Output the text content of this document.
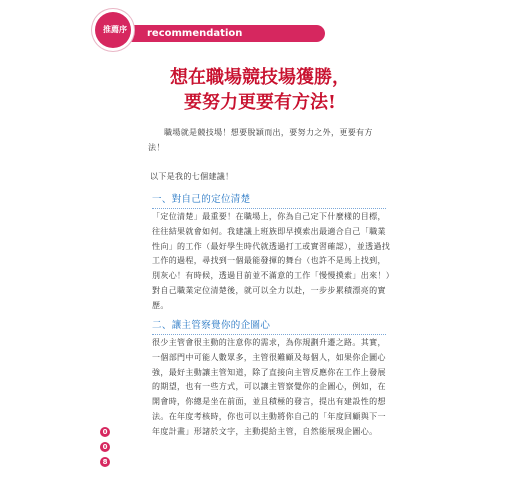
recommendation
推薦序
想在職場競技場獲勝，
要努力更要有方法!

職場就是競技場！想要脫穎而出，要努力之外，更要有方法！

以下是我的七個建議！

一、對自己的定位清楚

「定位清楚」最重要！在職場上，你為自己定下什麼樣的目標，往往結果就會如何。我建議上班族即早摸索出最適合自己「職業性向」的工作（最好學生時代就透過打工或實習確認），並透過找工作的過程，尋找到一個最能發揮的舞台（也許不是馬上找到，別灰心！有時候，透過目前並不滿意的工作「慢慢摸索」出來！）對自己職業定位清楚後，就可以全力以赴，一步步累積漂亮的實歷。

二、讓主管察覺你的企圖心

很少主管會很主動的注意你的需求，為你規劃升遷之路。其實，一個部門中可能人數眾多，主管很難顧及每個人，如果你企圖心強，最好主動讓主管知道，除了直接向主管反應你在工作上發展的期望，也有一些方式，可以讓主管察覺你的企圖心，例如，在開會時，你總是坐在前面，並且積極的發言，提出有建設性的想法。在年度考核時，你也可以主動將你自己的「年度回顧與下一年度計畫」形諸於文字，主動提給主管，自然能展現企圖心。

0
0
8
